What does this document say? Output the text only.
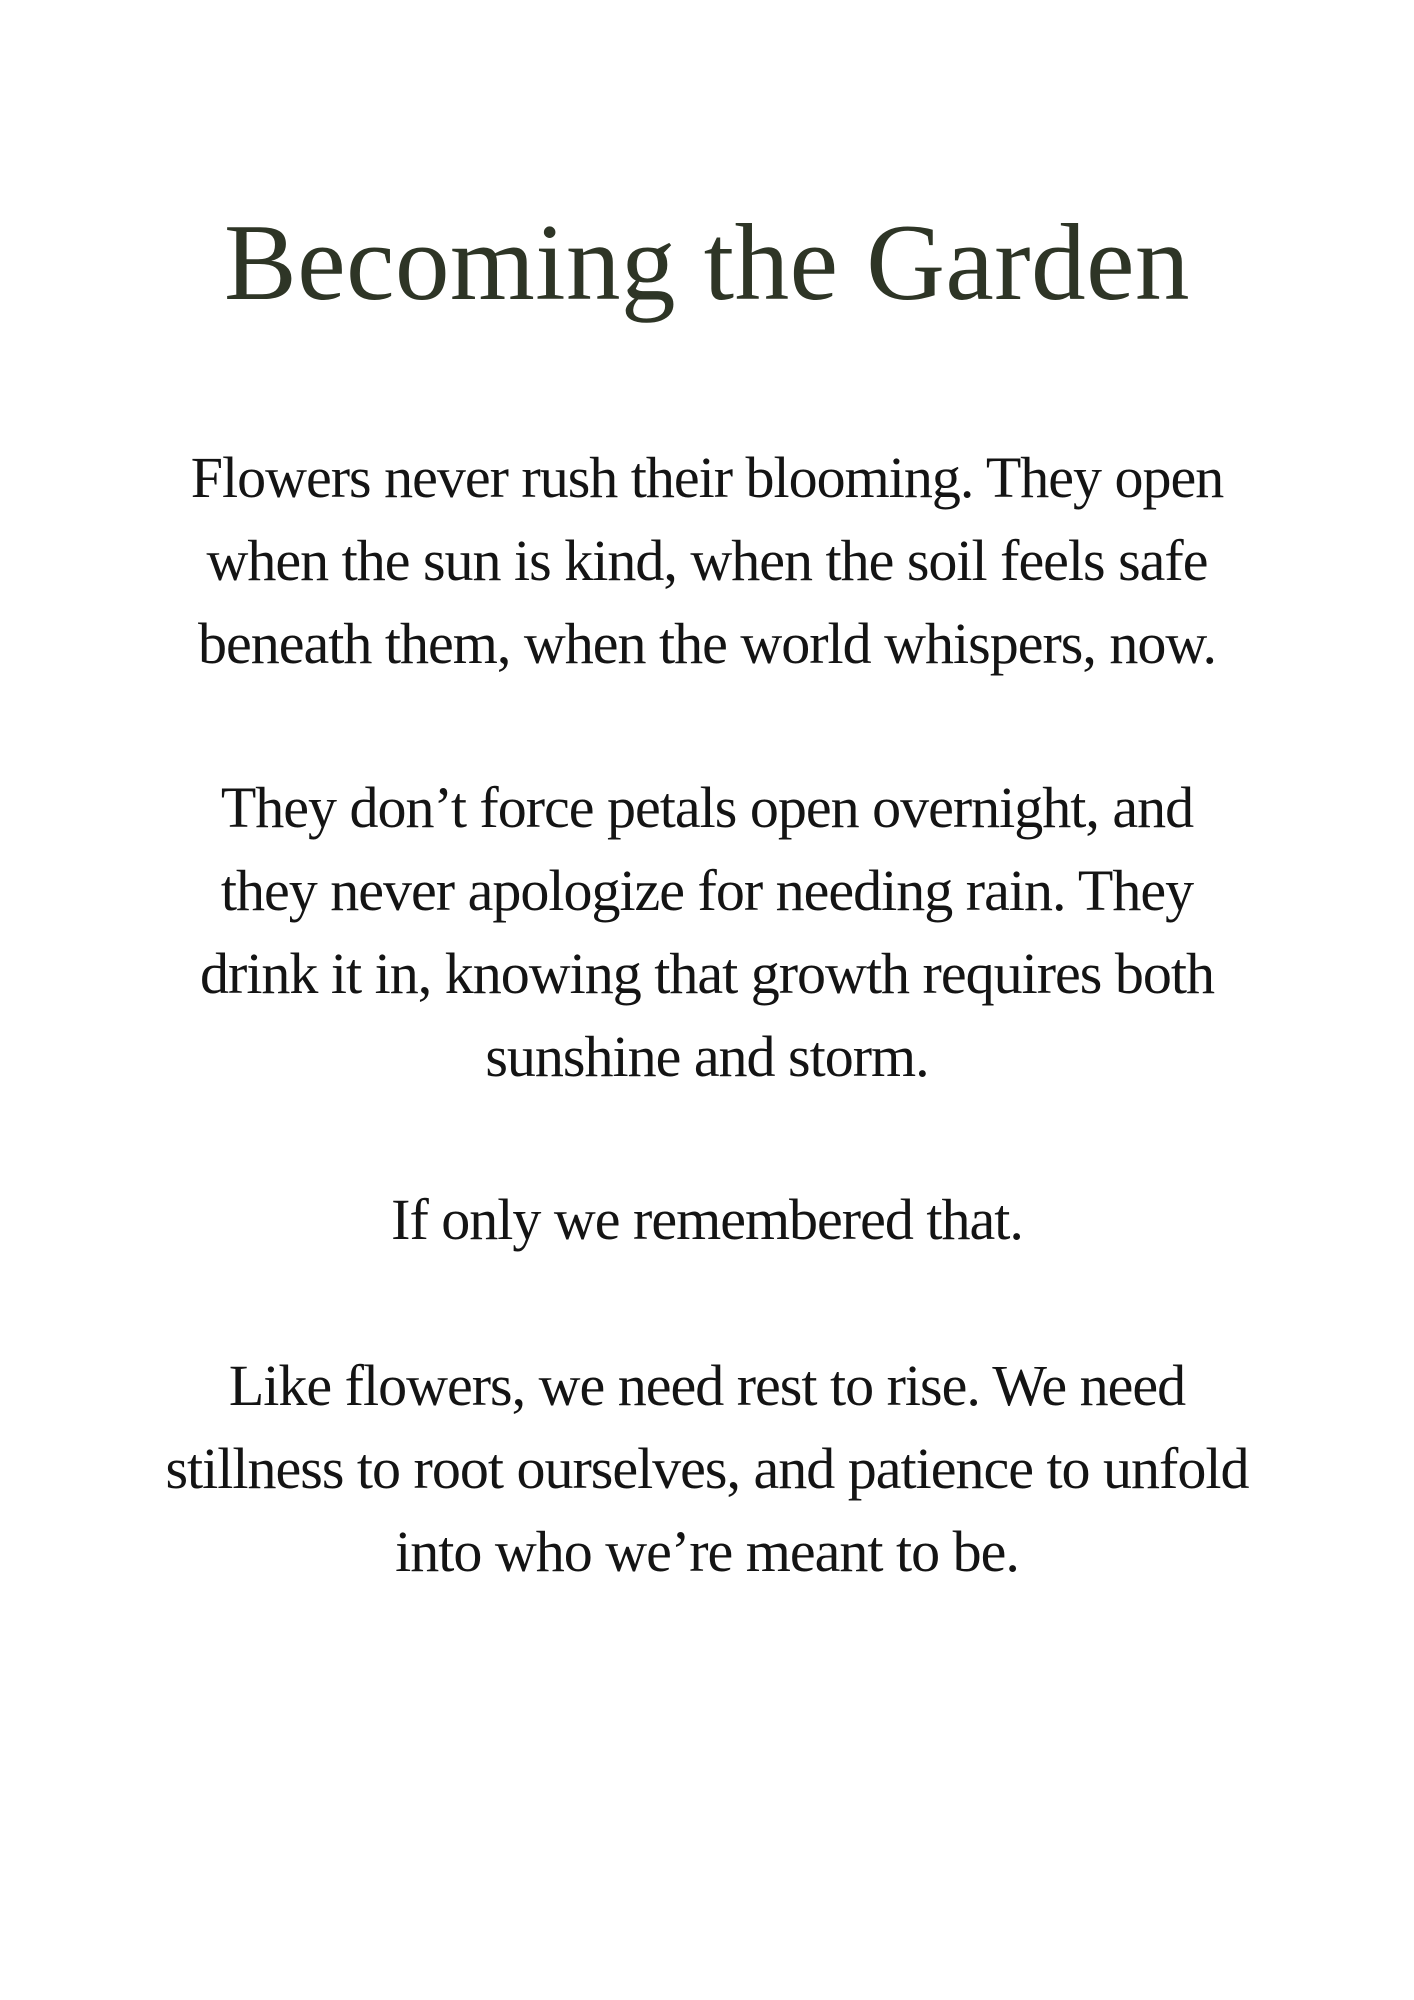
Becoming the Garden

Flowers never rush their blooming. They open
when the sun is kind, when the soil feels safe
beneath them, when the world whispers, now.

They don’t force petals open overnight, and
they never apologize for needing rain. They
drink it in, knowing that growth requires both
sunshine and storm.

If only we remembered that.

Like flowers, we need rest to rise. We need
stillness to root ourselves, and patience to unfold
into who we’re meant to be.
